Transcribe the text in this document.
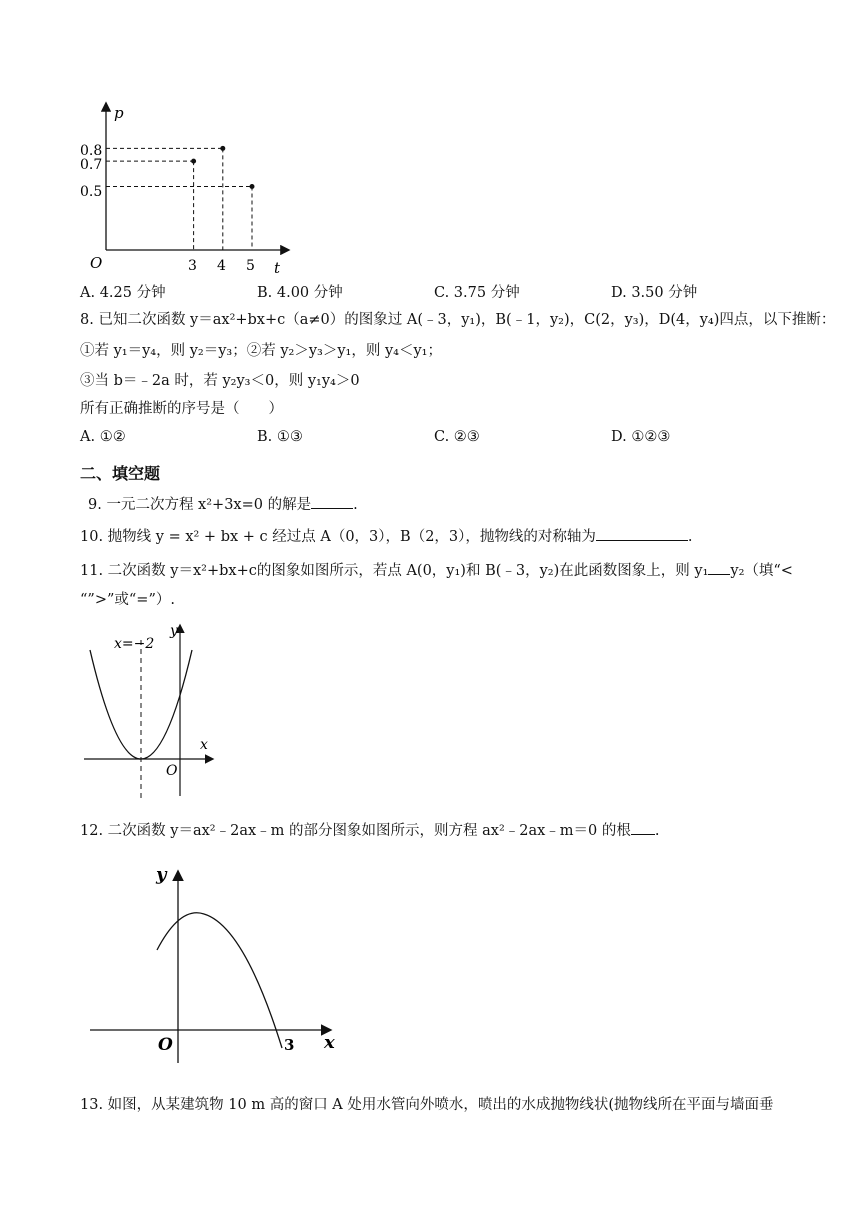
p
t
O
0.8
0.7
0.5
3 4 5
A. 4.25 分钟	B. 4.00 分钟	C. 3.75 分钟	D. 3.50 分钟
8. 已知二次函数 y＝ax²+bx+c（a≠0）的图象过 A(﹣3，y₁)，B(﹣1，y₂)，C(2，y₃)，D(4，y₄)四点，以下推断：
①若 y₁＝y₄，则 y₂＝y₃；②若 y₂＞y₃＞y₁，则 y₄＜y₁；
③当 b＝﹣2a 时，若 y₂y₃＜0，则 y₁y₄＞0
所有正确推断的序号是（　　）
A. ①②	B. ①③	C. ②③	D. ①②③
二、填空题
9. 一元二次方程 x²+3x=0 的解是	.
10. 抛物线 y = x² + bx + c 经过点 A（0，3），B（2，3），抛物线的对称轴为	.
11. 二次函数 y＝x²+bx+c的图象如图所示，若点 A(0，y₁)和 B(﹣3，y₂)在此函数图象上，则 y₁ y₂（填“<
“”>”或“=”）.
x=−2
y
x
O
12. 二次函数 y＝ax²﹣2ax﹣m 的部分图象如图所示，则方程 ax²﹣2ax﹣m＝0 的根 .
y
x
O	3
13. 如图，从某建筑物 10 m 高的窗口 A 处用水管向外喷水，喷出的水成抛物线状(抛物线所在平面与墙面垂
